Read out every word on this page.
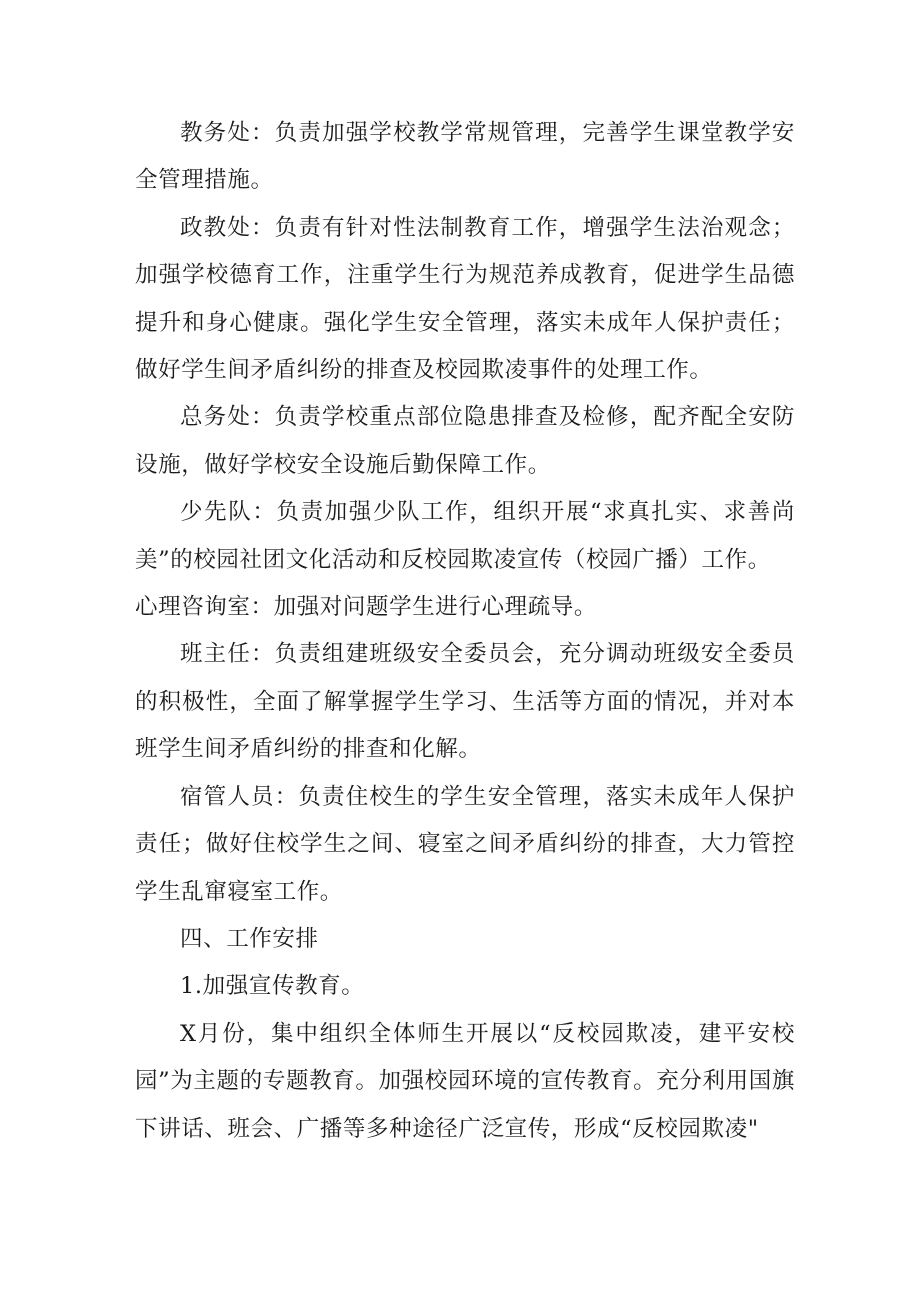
教务处：负责加强学校教学常规管理，完善学生课堂教学安全管理措施。

政教处：负责有针对性法制教育工作，增强学生法治观念；加强学校德育工作，注重学生行为规范养成教育，促进学生品德提升和身心健康。强化学生安全管理，落实未成年人保护责任；做好学生间矛盾纠纷的排查及校园欺凌事件的处理工作。

总务处：负责学校重点部位隐患排查及检修，配齐配全安防设施，做好学校安全设施后勤保障工作。

少先队：负责加强少队工作，组织开展“求真扎实、求善尚美”的校园社团文化活动和反校园欺凌宣传（校园广播）工作。

心理咨询室：加强对问题学生进行心理疏导。

班主任：负责组建班级安全委员会，充分调动班级安全委员的积极性，全面了解掌握学生学习、生活等方面的情况，并对本班学生间矛盾纠纷的排查和化解。

宿管人员：负责住校生的学生安全管理，落实未成年人保护责任；做好住校学生之间、寝室之间矛盾纠纷的排查，大力管控学生乱窜寝室工作。

四、工作安排

1.加强宣传教育。

X月份，集中组织全体师生开展以“反校园欺凌，建平安校园”为主题的专题教育。加强校园环境的宣传教育。充分利用国旗下讲话、班会、广播等多种途径广泛宣传，形成“反校园欺凌"
